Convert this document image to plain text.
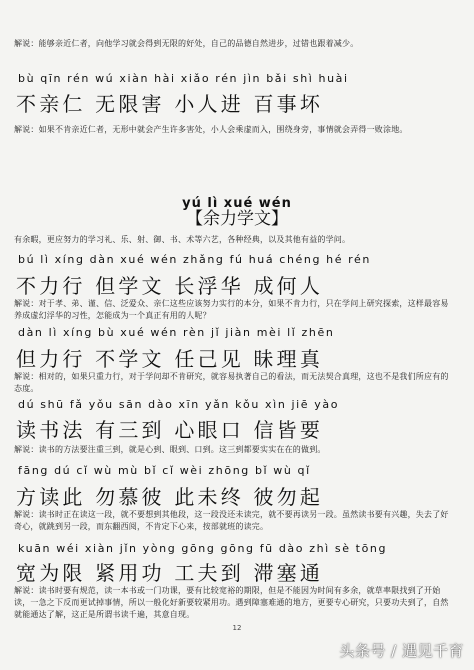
解说：能够亲近仁者，向他学习就会得到无限的好处，自己的品德自然进步，过错也跟着减少。
bù qīn rén wú xiàn hài xiǎo rén jìn bǎi shì huài
不亲仁 无限害 小人进 百事坏
解说：如果不肯亲近仁者，无形中就会产生许多害处，小人会乘虚而入，围绕身旁，事情就会弄得一败涂地。
yú lì xué wén
【余力学文】
有余暇，更应努力的学习礼、乐、射、御、书、术等六艺，各种经典，以及其他有益的学问。
bú lì xíng dàn xué wén zhǎng fú huá chéng hé rén
不力行 但学文 长浮华 成何人
解说：对于孝、弟、谨、信、泛爱众、亲仁这些应该努力实行的本分，如果不肯力行，只在学问上研究探索，这样最容易养成虚幻浮华的习性，怎能成为一个真正有用的人呢？
dàn lì xíng bù xué wén rèn jǐ jiàn mèi lǐ zhēn
但力行 不学文 任己见 昧理真
解说：相对的，如果只重力行，对于学问却不肯研究，就容易执著自己的看法，而无法契合真理，这也不是我们所应有的态度。
dú shū fǎ yǒu sān dào xīn yǎn kǒu xìn jiē yào
读书法 有三到 心眼口 信皆要
解说：读书的方法要注重三到，就是心到、眼到、口到。这三到都要实实在在的做到。
fāng dú cǐ wù mù bǐ cǐ wèi zhōng bǐ wù qǐ
方读此 勿慕彼 此未终 彼勿起
解说：读书时正在读这一段，就不要想到其他段，这一段没还未读完，就不要再读另一段。虽然读书要有兴趣，失去了好奇心，就跳到另一段，而东翻西阅，不肯定下心来，按部就班的读完。
kuān wéi xiàn jǐn yòng gōng gōng fū dào zhì sè tōng
宽为限 紧用功 工夫到 滞塞通
解说：读书时要有规范，读一本书或一门功课，要有比较宽裕的期限，但是不能因为时间有多余，就草率限找到了开始读，一急之下反而更试掉事情，所以一般化好新要较紧用功。遇到障塞难通的地方，更要专心研究，只要功夫到了，自然就能通达了解，这正是所谓书读千遍，其意自现。
12
头条号 / 遇见千育
